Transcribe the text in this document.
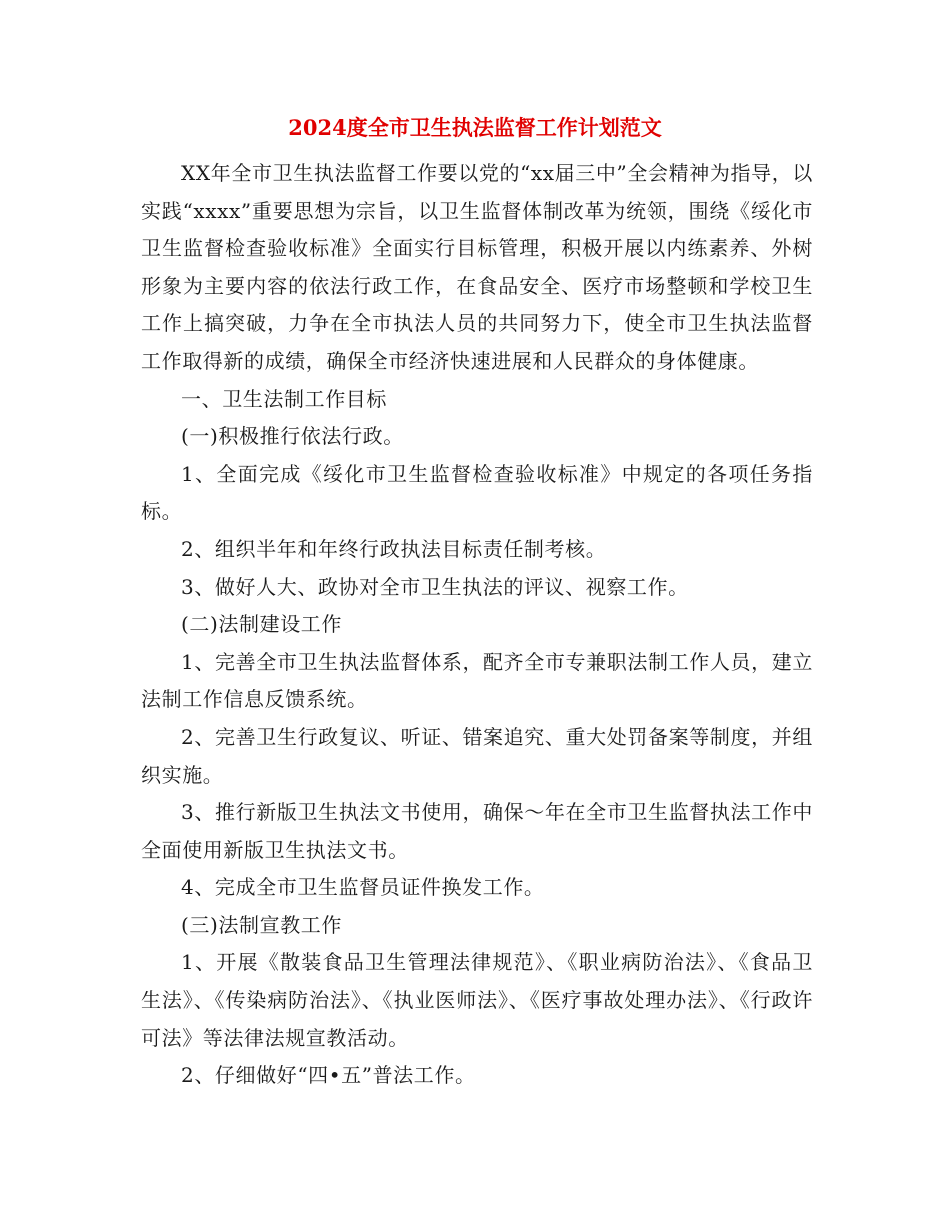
2024度全市卫生执法监督工作计划范文

XX年全市卫生执法监督工作要以党的“xx届三中”全会精神为指导，以实践“xxxx”重要思想为宗旨，以卫生监督体制改革为统领，围绕《绥化市卫生监督检查验收标准》全面实行目标管理，积极开展以内练素养、外树形象为主要内容的依法行政工作，在食品安全、医疗市场整顿和学校卫生工作上搞突破，力争在全市执法人员的共同努力下，使全市卫生执法监督工作取得新的成绩，确保全市经济快速进展和人民群众的身体健康。

一、卫生法制工作目标

(一)积极推行依法行政。

1、全面完成《绥化市卫生监督检查验收标准》中规定的各项任务指标。

2、组织半年和年终行政执法目标责任制考核。

3、做好人大、政协对全市卫生执法的评议、视察工作。

(二)法制建设工作

1、完善全市卫生执法监督体系，配齐全市专兼职法制工作人员，建立法制工作信息反馈系统。

2、完善卫生行政复议、听证、错案追究、重大处罚备案等制度，并组织实施。

3、推行新版卫生执法文书使用，确保～年在全市卫生监督执法工作中全面使用新版卫生执法文书。

4、完成全市卫生监督员证件换发工作。

(三)法制宣教工作

1、开展《散装食品卫生管理法律规范》、《职业病防治法》、《食品卫生法》、《传染病防治法》、《执业医师法》、《医疗事故处理办法》、《行政许可法》等法律法规宣教活动。

2、仔细做好“四•五”普法工作。
